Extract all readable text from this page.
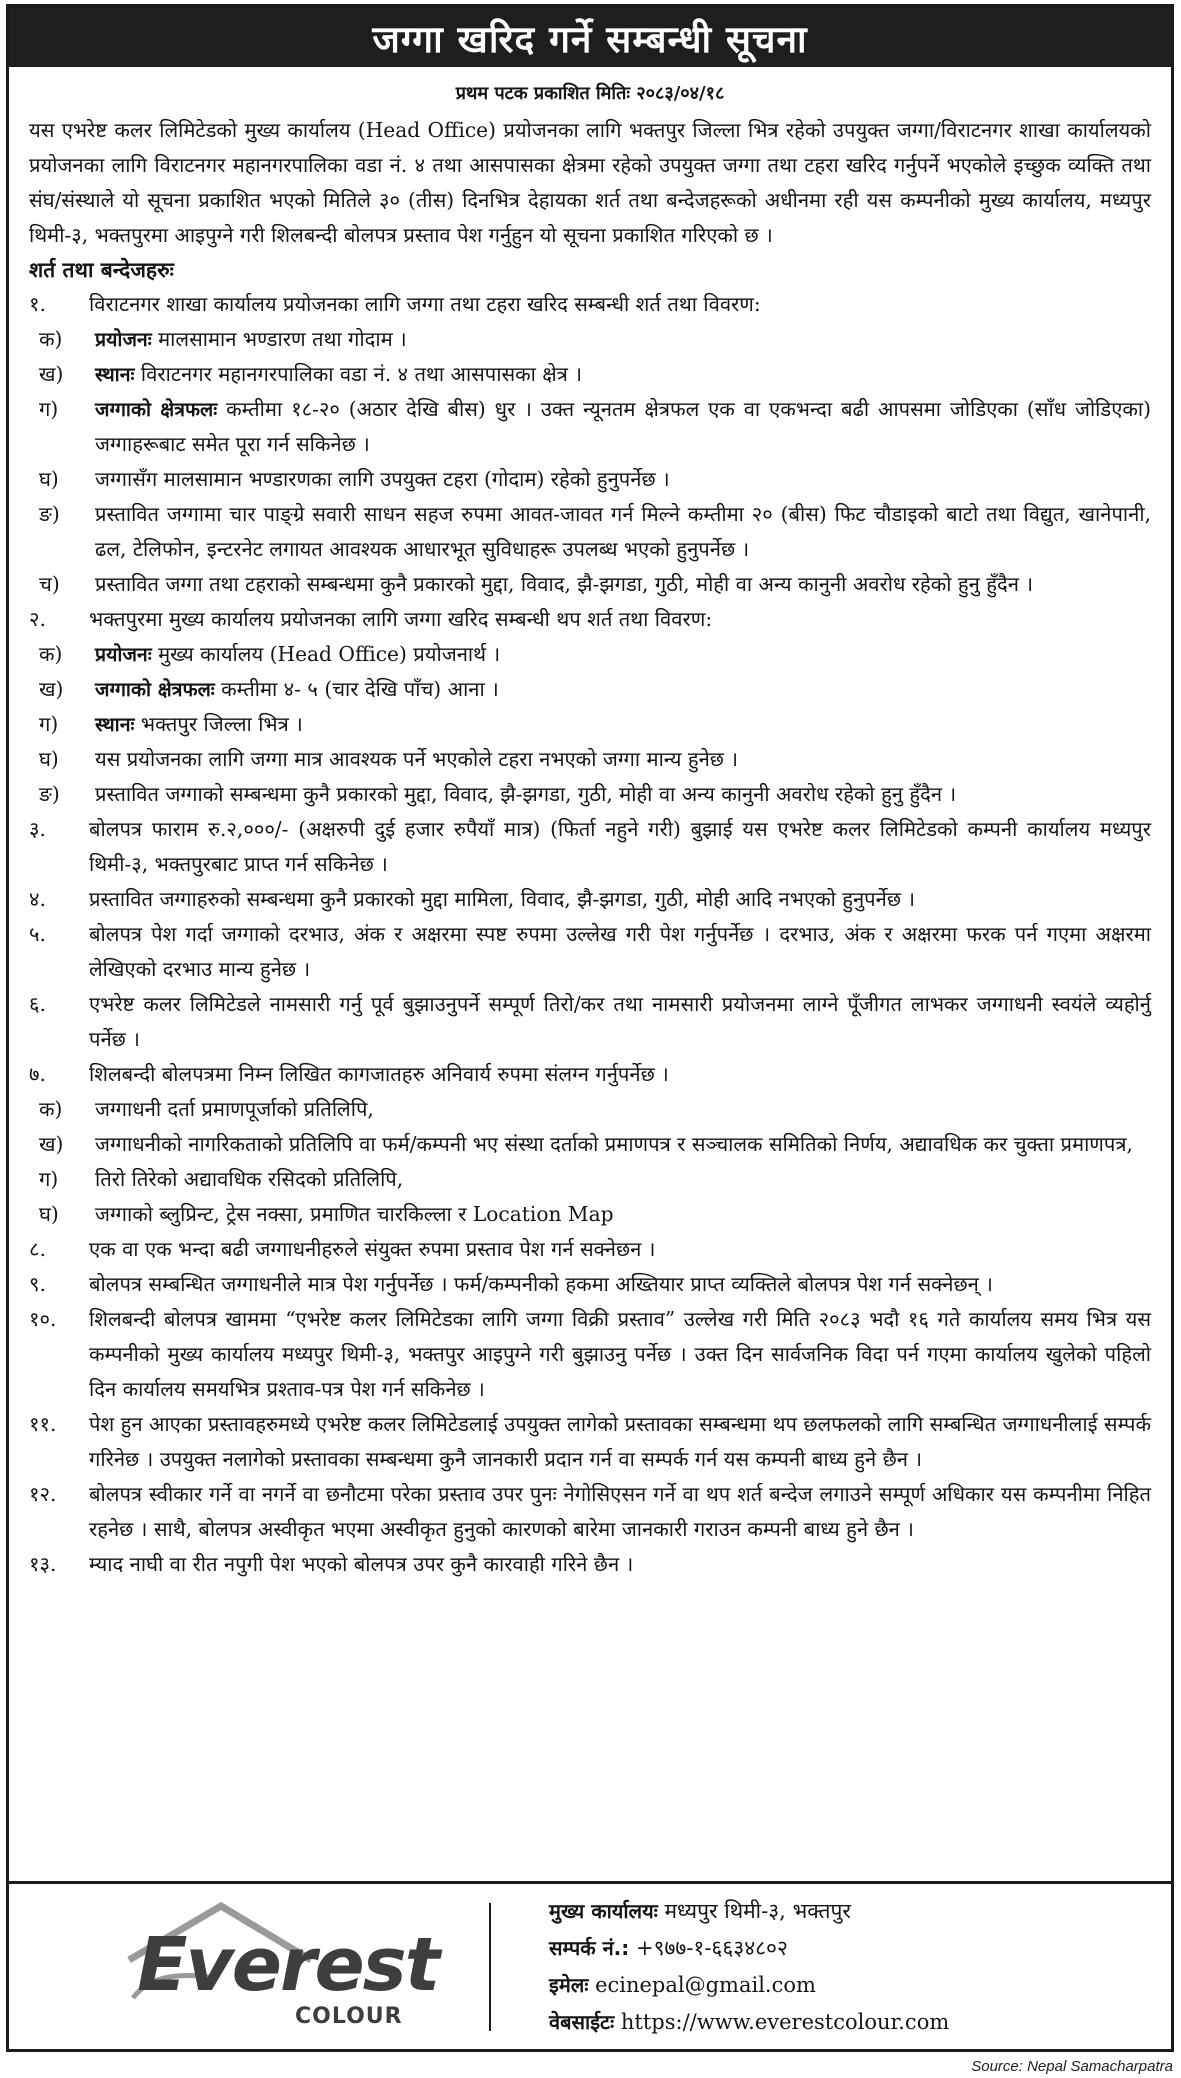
जग्गा खरिद गर्ने सम्बन्धी सूचना
प्रथम पटक प्रकाशित मितिः २०८३/०४/१८

यस एभरेष्ट कलर लिमिटेडको मुख्य कार्यालय (Head Office) प्रयोजनका लागि भक्तपुर जिल्ला भित्र रहेको उपयुक्त जग्गा/विराटनगर शाखा कार्यालयको प्रयोजनका लागि विराटनगर महानगरपालिका वडा नं. ४ तथा आसपासका क्षेत्रमा रहेको उपयुक्त जग्गा तथा टहरा खरिद गर्नुपर्ने भएकोले इच्छुक व्यक्ति तथा संघ/संस्थाले यो सूचना प्रकाशित भएको मितिले ३० (तीस) दिनभित्र देहायका शर्त तथा बन्देजहरूको अधीनमा रही यस कम्पनीको मुख्य कार्यालय, मध्यपुर थिमी-३, भक्तपुरमा आइपुग्ने गरी शिलबन्दी बोलपत्र प्रस्ताव पेश गर्नुहुन यो सूचना प्रकाशित गरिएको छ ।

शर्त तथा बन्देजहरुः
१.	विराटनगर शाखा कार्यालय प्रयोजनका लागि जग्गा तथा टहरा खरिद सम्बन्धी शर्त तथा विवरण:
क)	प्रयोजनः मालसामान भण्डारण तथा गोदाम ।
ख)	स्थानः विराटनगर महानगरपालिका वडा नं. ४ तथा आसपासका क्षेत्र ।
ग)	जग्गाको क्षेत्रफलः कम्तीमा १८-२० (अठार देखि बीस) धुर । उक्त न्यूनतम क्षेत्रफल एक वा एकभन्दा बढी आपसमा जोडिएका (साँध जोडिएका) जग्गाहरूबाट समेत पूरा गर्न सकिनेछ ।
घ)	जग्गासँग मालसामान भण्डारणका लागि उपयुक्त टहरा (गोदाम) रहेको हुनुपर्नेछ ।
ङ)	प्रस्तावित जग्गामा चार पाङ्ग्रे सवारी साधन सहज रुपमा आवत-जावत गर्न मिल्ने कम्तीमा २० (बीस) फिट चौडाइको बाटो तथा विद्युत, खानेपानी, ढल, टेलिफोन, इन्टरनेट लगायत आवश्यक आधारभूत सुविधाहरू उपलब्ध भएको हुनुपर्नेछ ।
च)	प्रस्तावित जग्गा तथा टहराको सम्बन्धमा कुनै प्रकारको मुद्दा, विवाद, झै-झगडा, गुठी, मोही वा अन्य कानुनी अवरोध रहेको हुनु हुँदैन ।
२.	भक्तपुरमा मुख्य कार्यालय प्रयोजनका लागि जग्गा खरिद सम्बन्धी थप शर्त तथा विवरण:
क)	प्रयोजनः मुख्य कार्यालय (Head Office) प्रयोजनार्थ ।
ख)	जग्गाको क्षेत्रफलः कम्तीमा ४- ५ (चार देखि पाँच) आना ।
ग)	स्थानः भक्तपुर जिल्ला भित्र ।
घ)	यस प्रयोजनका लागि जग्गा मात्र आवश्यक पर्ने भएकोले टहरा नभएको जग्गा मान्य हुनेछ ।
ङ)	प्रस्तावित जग्गाको सम्बन्धमा कुनै प्रकारको मुद्दा, विवाद, झै-झगडा, गुठी, मोही वा अन्य कानुनी अवरोध रहेको हुनु हुँदैन ।
३.	बोलपत्र फाराम रु.२,०००/- (अक्षरुपी दुई हजार रुपैयाँ मात्र) (फिर्ता नहुने गरी) बुझाई यस एभरेष्ट कलर लिमिटेडको कम्पनी कार्यालय मध्यपुर थिमी-३, भक्तपुरबाट प्राप्त गर्न सकिनेछ ।
४.	प्रस्तावित जग्गाहरुको सम्बन्धमा कुनै प्रकारको मुद्दा मामिला, विवाद, झै-झगडा, गुठी, मोही आदि नभएको हुनुपर्नेछ ।
५.	बोलपत्र पेश गर्दा जग्गाको दरभाउ, अंक र अक्षरमा स्पष्ट रुपमा उल्लेख गरी पेश गर्नुपर्नेछ । दरभाउ, अंक र अक्षरमा फरक पर्न गएमा अक्षरमा लेखिएको दरभाउ मान्य हुनेछ ।
६.	एभरेष्ट कलर लिमिटेडले नामसारी गर्नु पूर्व बुझाउनुपर्ने सम्पूर्ण तिरो/कर तथा नामसारी प्रयोजनमा लाग्ने पूँजीगत लाभकर जग्गाधनी स्वयंले व्यहोर्नु पर्नेछ ।
७.	शिलबन्दी बोलपत्रमा निम्न लिखित कागजातहरु अनिवार्य रुपमा संलग्न गर्नुपर्नेछ ।
क)	जग्गाधनी दर्ता प्रमाणपूर्जाको प्रतिलिपि,
ख)	जग्गाधनीको नागरिकताको प्रतिलिपि वा फर्म/कम्पनी भए संस्था दर्ताको प्रमाणपत्र र सञ्चालक समितिको निर्णय, अद्यावधिक कर चुक्ता प्रमाणपत्र,
ग)	तिरो तिरेको अद्यावधिक रसिदको प्रतिलिपि,
घ)	जग्गाको ब्लुप्रिन्ट, ट्रेस नक्सा, प्रमाणित चारकिल्ला र Location Map
८.	एक वा एक भन्दा बढी जग्गाधनीहरुले संयुक्त रुपमा प्रस्ताव पेश गर्न सक्नेछन ।
९.	बोलपत्र सम्बन्धित जग्गाधनीले मात्र पेश गर्नुपर्नेछ । फर्म/कम्पनीको हकमा अख्तियार प्राप्त व्यक्तिले बोलपत्र पेश गर्न सक्नेछन् ।
१०.	शिलबन्दी बोलपत्र खाममा “एभरेष्ट कलर लिमिटेडका लागि जग्गा विक्री प्रस्ताव” उल्लेख गरी मिति २०८३ भदौ १६ गते कार्यालय समय भित्र यस कम्पनीको मुख्य कार्यालय मध्यपुर थिमी-३, भक्तपुर आइपुग्ने गरी बुझाउनु पर्नेछ । उक्त दिन सार्वजनिक विदा पर्न गएमा कार्यालय खुलेको पहिलो दिन कार्यालय समयभित्र प्रश्ताव-पत्र पेश गर्न सकिनेछ ।
११.	पेश हुन आएका प्रस्तावहरुमध्ये एभरेष्ट कलर लिमिटेडलाई उपयुक्त लागेको प्रस्तावका सम्बन्धमा थप छलफलको लागि सम्बन्धित जग्गाधनीलाई सम्पर्क गरिनेछ । उपयुक्त नलागेको प्रस्तावका सम्बन्धमा कुनै जानकारी प्रदान गर्न वा सम्पर्क गर्न यस कम्पनी बाध्य हुने छैन ।
१२.	बोलपत्र स्वीकार गर्ने वा नगर्ने वा छनौटमा परेका प्रस्ताव उपर पुनः नेगोसिएसन गर्ने वा थप शर्त बन्देज लगाउने सम्पूर्ण अधिकार यस कम्पनीमा निहित रहनेछ । साथै, बोलपत्र अस्वीकृत भएमा अस्वीकृत हुनुको कारणको बारेमा जानकारी गराउन कम्पनी बाध्य हुने छैन ।
१३.	म्याद नाघी वा रीत नपुगी पेश भएको बोलपत्र उपर कुनै कारवाही गरिने छैन ।
Everest
COLOUR
मुख्य कार्यालयः मध्यपुर थिमी-३, भक्तपुर
सम्पर्क नं.: +९७७-१-६६३४८०२
इमेलः ecinepal@gmail.com
वेबसाईटः https://www.everestcolour.com
Source: Nepal Samacharpatra
